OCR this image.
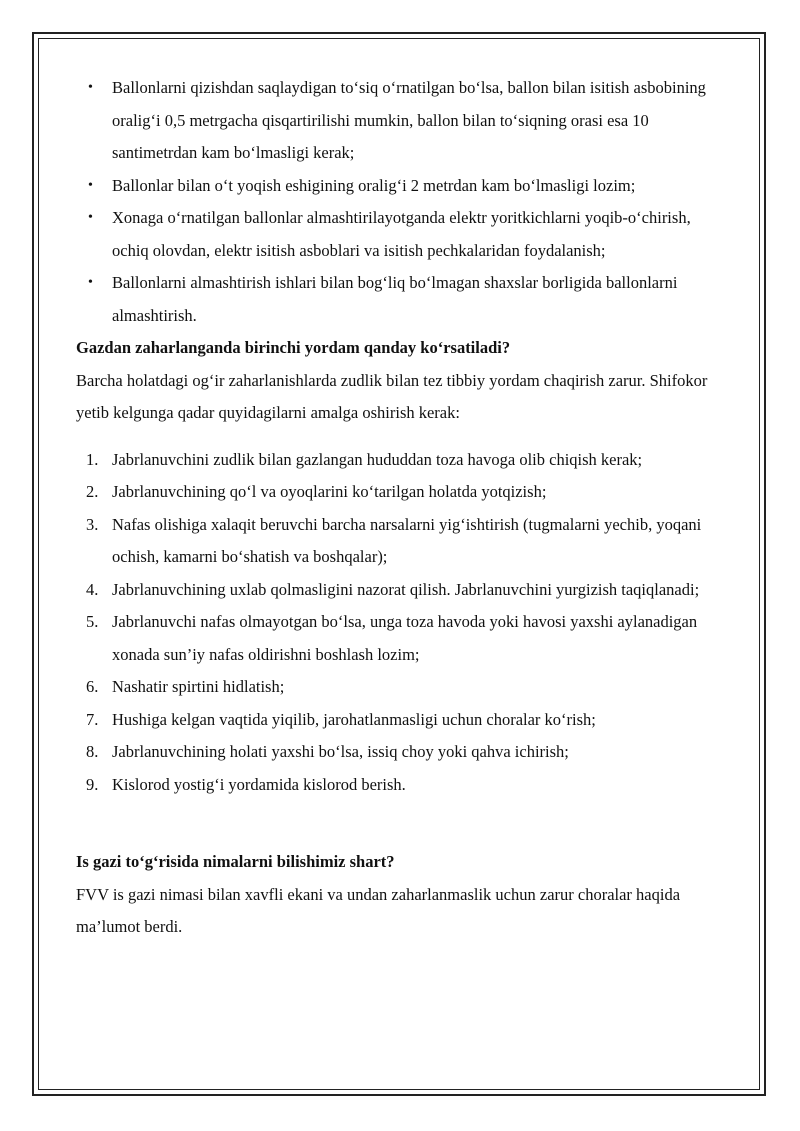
• Ballonlarni qizishdan saqlaydigan to‘siq o‘rnatilgan bo‘lsa, ballon bilan isitish asbobining oralig‘i 0,5 metrgacha qisqartirilishi mumkin, ballon bilan to‘siqning orasi esa 10 santimetrdan kam bo‘lmasligi kerak;
• Ballonlar bilan o‘t yoqish eshigining oralig‘i 2 metrdan kam bo‘lmasligi lozim;
• Xonaga o‘rnatilgan ballonlar almashtirilayotganda elektr yoritkichlarni yoqib-o‘chirish, ochiq olovdan, elektr isitish asboblari va isitish pechkalaridan foydalanish;
• Ballonlarni almashtirish ishlari bilan bog‘liq bo‘lmagan shaxslar borligida ballonlarni almashtirish.
Gazdan zaharlanganda birinchi yordam qanday ko‘rsatiladi?

Barcha holatdagi og‘ir zaharlanishlarda zudlik bilan tez tibbiy yordam chaqirish zarur. Shifokor yetib kelgunga qadar quyidagilarni amalga oshirish kerak:

1. Jabrlanuvchini zudlik bilan gazlangan hududdan toza havoga olib chiqish kerak;
2. Jabrlanuvchining qo‘l va oyoqlarini ko‘tarilgan holatda yotqizish;
3. Nafas olishiga xalaqit beruvchi barcha narsalarni yig‘ishtirish (tugmalarni yechib, yoqani ochish, kamarni bo‘shatish va boshqalar);
4. Jabrlanuvchining uxlab qolmasligini nazorat qilish. Jabrlanuvchini yurgizish taqiqlanadi;
5. Jabrlanuvchi nafas olmayotgan bo‘lsa, unga toza havoda yoki havosi yaxshi aylanadigan xonada sun’iy nafas oldirishni boshlash lozim;
6. Nashatir spirtini hidlatish;
7. Hushiga kelgan vaqtida yiqilib, jarohatlanmasligi uchun choralar ko‘rish;
8. Jabrlanuvchining holati yaxshi bo‘lsa, issiq choy yoki qahva ichirish;
9. Kislorod yostig‘i yordamida kislorod berish.
Is gazi to‘g‘risida nimalarni bilishimiz shart?

FVV is gazi nimasi bilan xavfli ekani va undan zaharlanmaslik uchun zarur choralar haqida ma’lumot berdi.
